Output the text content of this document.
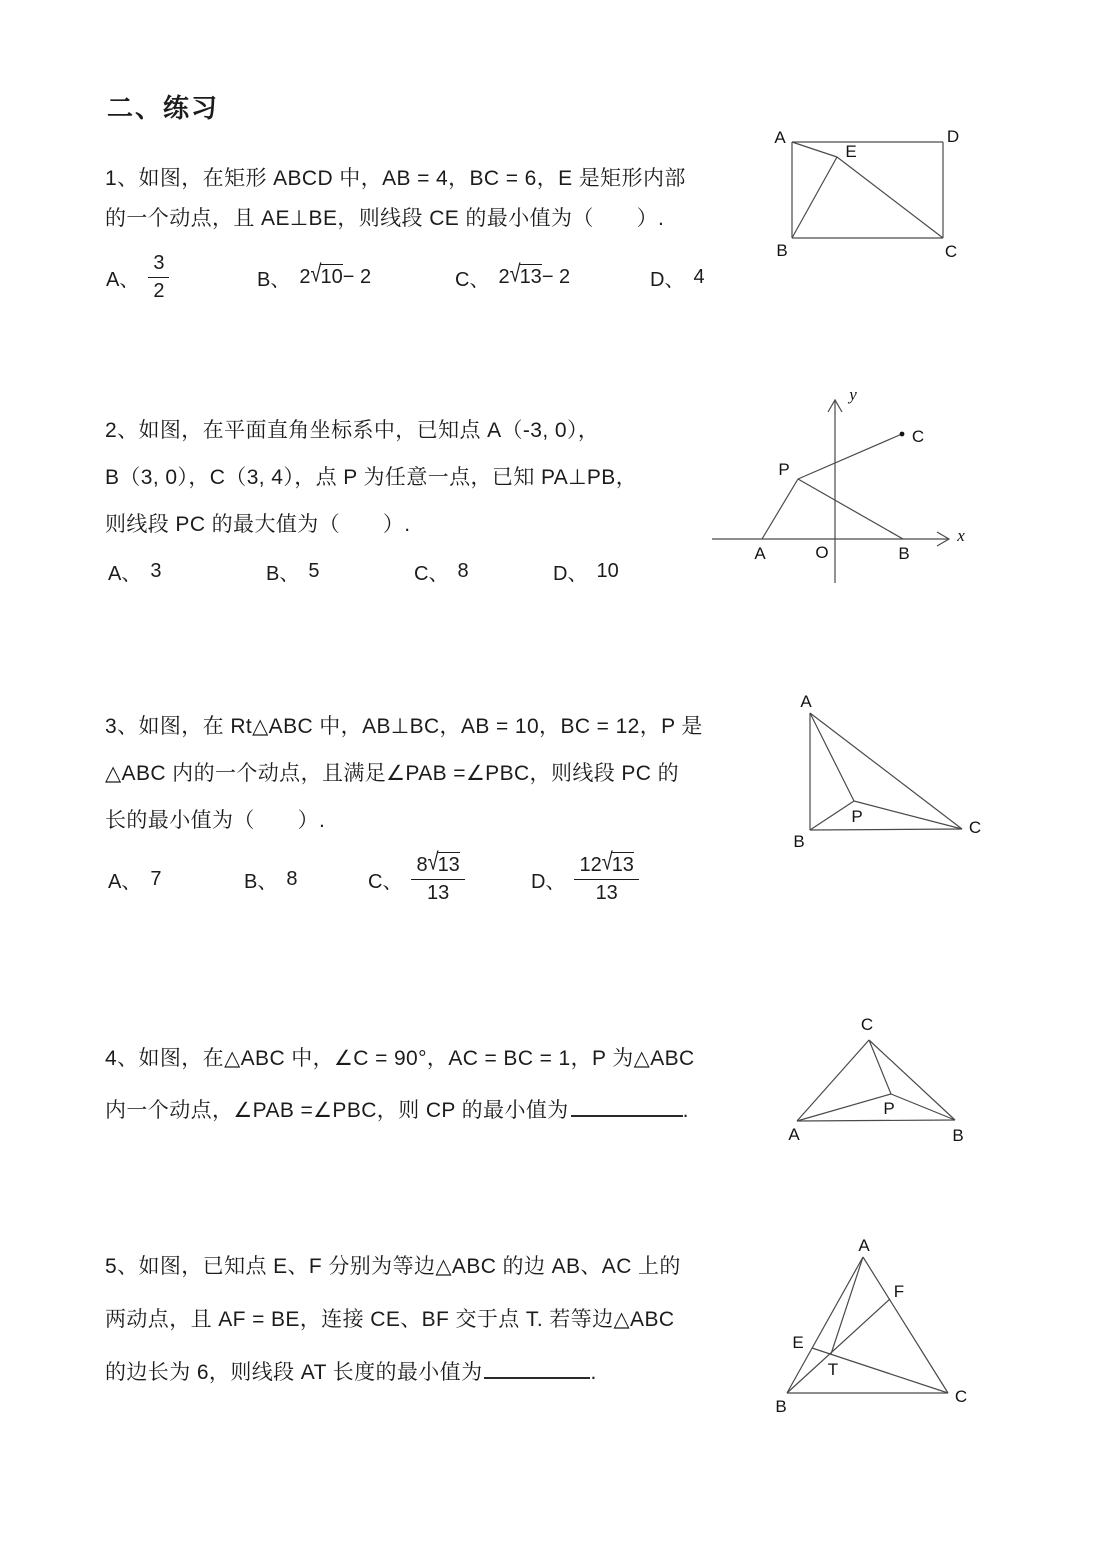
二、练习
1、如图，在矩形 ABCD 中，AB = 4，BC = 6，E 是矩形内部
的一个动点，且 AE⊥BE，则线段 CE 的最小值为（　　）.
A、 $\frac{3}{2}$	B、 2√10− 2	C、 2√13− 2	D、 4
A	D
B	C
E
2、如图，在平面直角坐标系中，已知点 A（-3, 0），
B（3, 0），C（3, 4），点 P 为任意一点，已知 PA⊥PB，
则线段 PC 的最大值为（　　）.
A、 3	B、 5	C、 8	D、 10
y
x
P
C
A	O	B
3、如图，在 Rt△ABC 中，AB⊥BC，AB = 10，BC = 12，P 是
△ABC 内的一个动点，且满足∠PAB =∠PBC，则线段 PC 的
长的最小值为（　　）.
A、 7	B、 8	C、 $\frac{8√13}{13}$	D、 $\frac{12√13}{13}$
A
B
C
P
4、如图，在△ABC 中，∠C = 90°，AC = BC = 1，P 为△ABC
内一个动点，∠PAB =∠PBC，则 CP 的最小值为	.
C
A	B
P
5、如图，已知点 E、F 分别为等边△ABC 的边 AB、AC 上的
两动点，且 AF = BE，连接 CE、BF 交于点 T. 若等边△ABC
的边长为 6，则线段 AT 长度的最小值为	.
A
B
C
E
F
T
